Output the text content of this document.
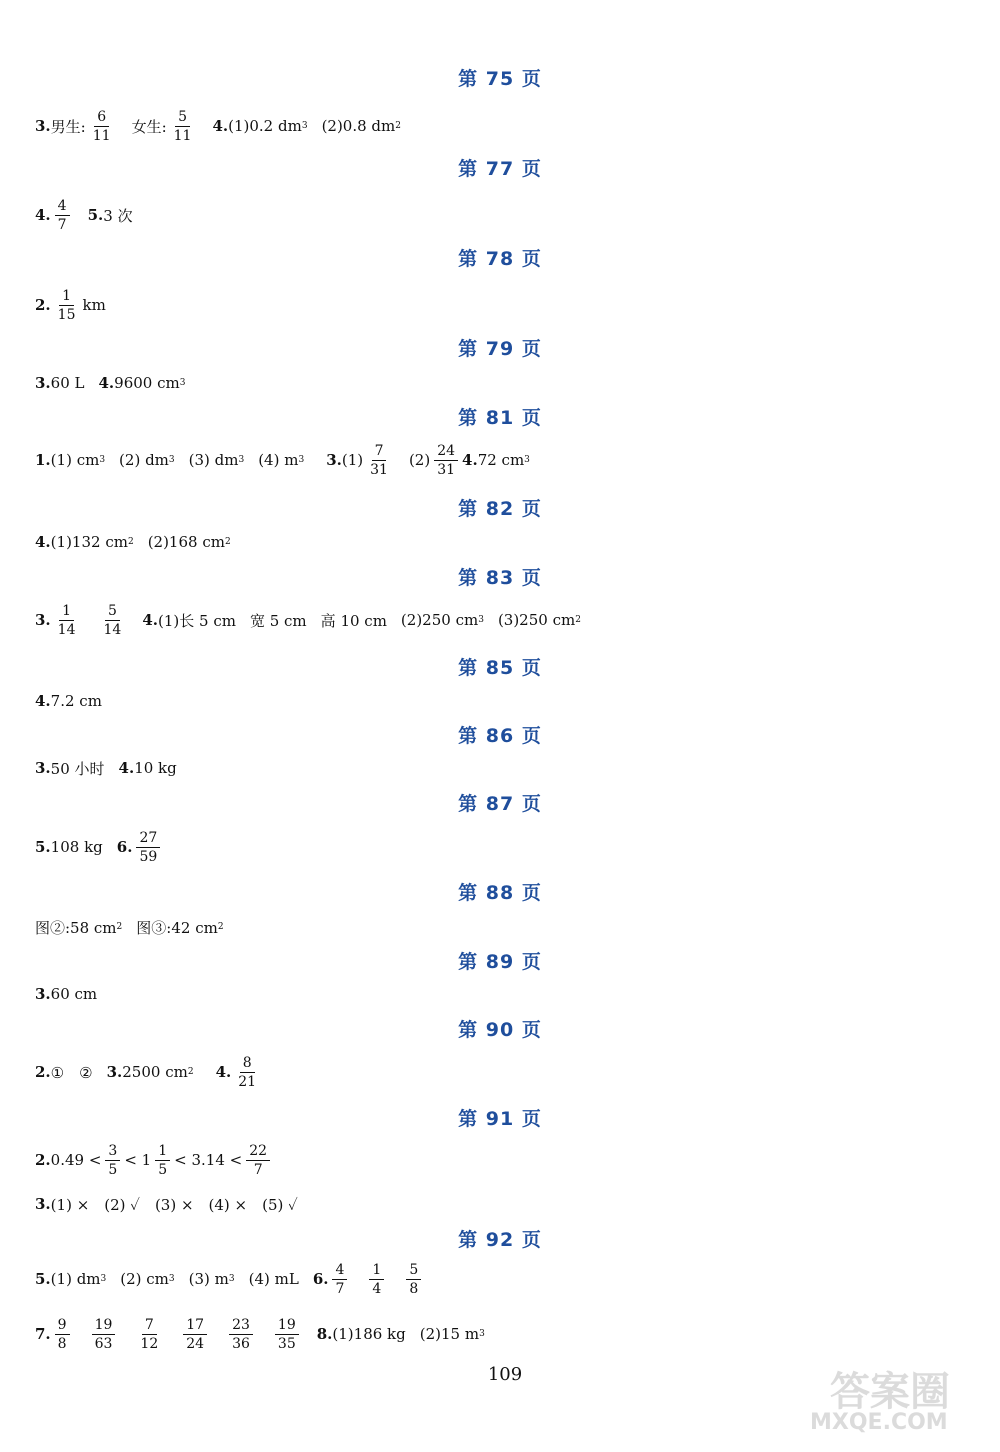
第 75 页
3. 男生: $\frac{6}{11}$ 女生: $\frac{5}{11} 4$. (1)0.2 dm 3 (2)0.8 dm 2
第 77 页
4. $\frac{4}{7} 5$. 3 次
第 78 页
2. $\frac{1}{15}$ km
第 79 页
3. 60 L 4. 9600 cm 3
第 81 页
1. (1) cm 3 (2) dm 3 (3) dm 3 (4) m 3 3. $(1) \frac{7}{31} (2) \frac{24}{31} 4$. 72 cm 3
第 82 页
4. (1)132 cm 2 (2)168 cm 2
第 83 页
3. $\frac{1}{14} \frac{5}{14} 4$. (1)长 5 cm 宽 5 cm 高 10 cm (2)250 cm 3 (3)250 cm 2
第 85 页
4. 7.2 cm
第 86 页
3. 50 小时 4. 10 kg
第 87 页
5. 108 kg 6. $\frac{27}{59}$
第 88 页
图②:58 cm 2 图③:42 cm 2
第 89 页
3. 60 cm
第 90 页
2. ①　② 3. 2500 cm 2 4. $\frac{8}{21}$
第 91 页
2. $0.49 < \frac{3}{5} < 1 \frac{1}{5} < 3.14 < \frac{22}{7}$
3. (1) ×　(2) ✓　(3) ×　(4) ×　(5) ✓
第 92 页
5. (1) dm 3 (2) cm 3 (3) m 3 (4) mL 6. $\frac{4}{7} \frac{1}{4} \frac{5}{8}$
7. $\frac{9}{8} \frac{19}{63} \frac{7}{12} \frac{17}{24} \frac{23}{36} \frac{19}{35} 8$. (1)186 kg (2)15 m 3
109	答案圈
MXQE.COM
